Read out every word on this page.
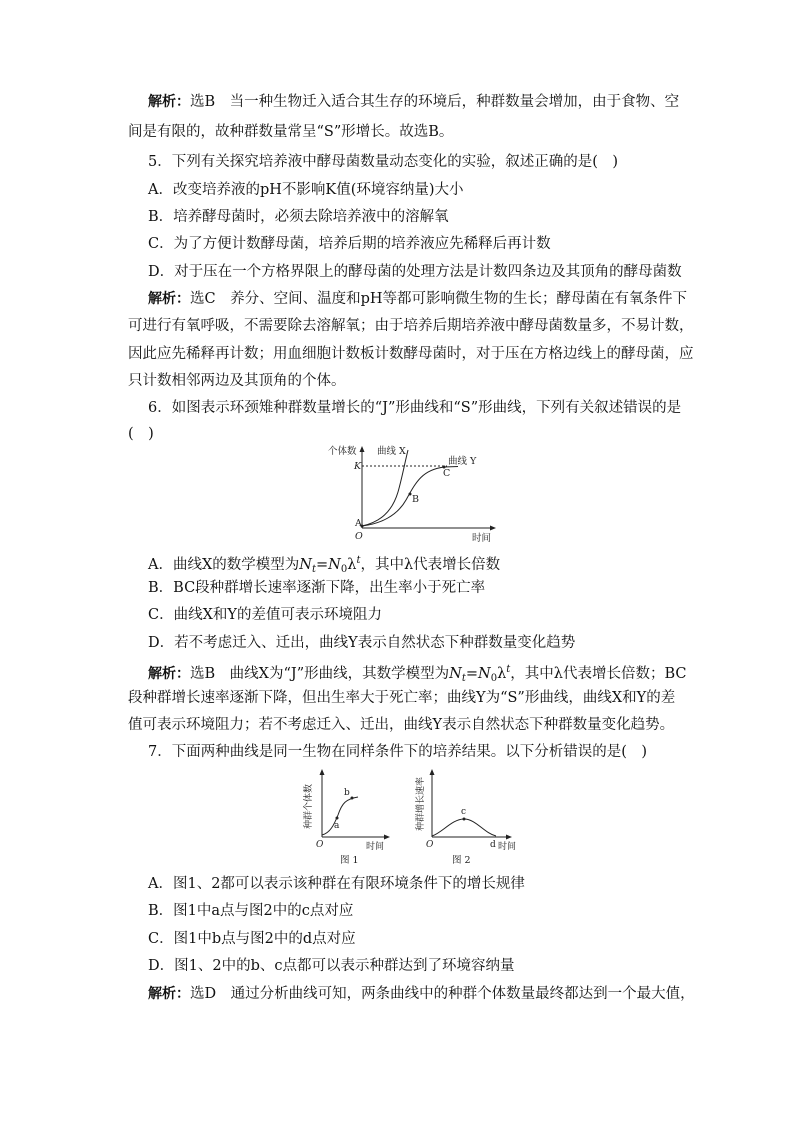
解析：选B　当一种生物迁入适合其生存的环境后，种群数量会增加，由于食物、空
间是有限的，故种群数量常呈“S”形增长。故选B。
5．下列有关探究培养液中酵母菌数量动态变化的实验，叙述正确的是(　)
A．改变培养液的pH不影响K值(环境容纳量)大小
B．培养酵母菌时，必须去除培养液中的溶解氧
C．为了方便计数酵母菌，培养后期的培养液应先稀释后再计数
D．对于压在一个方格界限上的酵母菌的处理方法是计数四条边及其顶角的酵母菌数
解析：选C　养分、空间、温度和pH等都可影响微生物的生长；酵母菌在有氧条件下
可进行有氧呼吸，不需要除去溶解氧；由于培养后期培养液中酵母菌数量多，不易计数，
因此应先稀释再计数；用血细胞计数板计数酵母菌时，对于压在方格边线上的酵母菌，应
只计数相邻两边及其顶角的个体。
6．如图表示环颈雉种群数量增长的“J”形曲线和“S”形曲线，下列有关叙述错误的是
(　)
个体数
K
曲线 X
曲线 Y
A
B
C
O	时间
A．曲线X的数学模型为$N_t=N_0\lambda^t$，其中λ代表增长倍数
B．BC段种群增长速率逐渐下降，出生率小于死亡率
C．曲线X和Y的差值可表示环境阻力
D．若不考虑迁入、迁出，曲线Y表示自然状态下种群数量变化趋势
解析：选B　曲线X为“J”形曲线，其数学模型为$N_t=N_0\lambda^t$，其中λ代表增长倍数；BC
段种群增长速率逐渐下降，但出生率大于死亡率；曲线Y为“S”形曲线，曲线X和Y的差
值可表示环境阻力；若不考虑迁入、迁出，曲线Y表示自然状态下种群数量变化趋势。
7．下面两种曲线是同一生物在同样条件下的培养结果。以下分析错误的是(　)
种群个体数 a
b
O	时间
图 1
种群增长速率	c
O	d 时间
图 2
A．图1、2都可以表示该种群在有限环境条件下的增长规律
B．图1中a点与图2中的c点对应
C．图1中b点与图2中的d点对应
D．图1、2中的b、c点都可以表示种群达到了环境容纳量
解析：选D　通过分析曲线可知，两条曲线中的种群个体数量最终都达到一个最大值，
